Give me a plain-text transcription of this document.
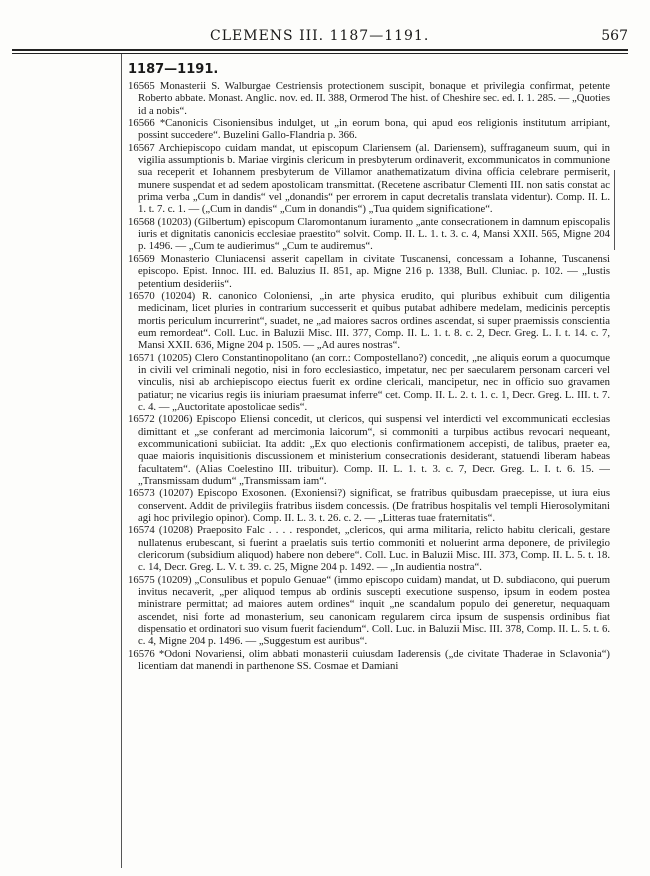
CLEMENS III. 1187—1191.	567
1187—1191.

16565 Monasterii S. Walburgae Cestriensis protectionem suscipit, bonaque et privilegia confirmat, petente Roberto abbate. Monast. Anglic. nov. ed. II. 388, Ormerod The hist. of Cheshire sec. ed. I. 1. 285. — „Quoties id a nobis“.

16566 *Canonicis Cisoniensibus indulget, ut „in eorum bona, qui apud eos religionis institutum arripiant, possint succedere“. Buzelini Gallo-Flandria p. 366.

16567 Archiepiscopo cuidam mandat, ut episcopum Clariensem (al. Dariensem), suffraganeum suum, qui in vigilia assumptionis b. Mariae virginis clericum in presbyterum ordinaverit, excommunicatos in communione sua receperit et Iohannem presbyterum de Villamor anathematizatum divina officia celebrare permiserit, munere suspendat et ad sedem apostolicam transmittat. (Recetene ascribatur Clementi III. non satis constat ac prima verba „Cum in dandis“ vel „donandis“ per errorem in caput decretalis translata videntur). Comp. II. L. 1. t. 7. c. 1. — („Cum in dandis“ „Cum in donandis“) „Tua quidem significatione“.

16568 (10203) (Gilbertum) episcopum Claromontanum iuramento „ante consecrationem in damnum episcopalis iuris et dignitatis canonicis ecclesiae praestito“ solvit. Comp. II. L. 1. t. 3. c. 4, Mansi XXII. 565, Migne 204 p. 1496. — „Cum te audierimus“ „Cum te audiremus“.

16569 Monasterio Cluniacensi asserit capellam in civitate Tuscanensi, concessam a Iohanne, Tuscanensi episcopo. Epist. Innoc. III. ed. Baluzius II. 851, ap. Migne 216 p. 1338, Bull. Cluniac. p. 102. — „Iustis petentium desideriis“.

16570 (10204) R. canonico Coloniensi, „in arte physica erudito, qui pluribus exhibuit cum diligentia medicinam, licet pluries in contrarium successerit et quibus putabat adhibere medelam, medicinis perceptis mortis periculum incurrerint“, suadet, ne „ad maiores sacros ordines ascendat, si super praemissis conscientia eum remordeat“. Coll. Luc. in Baluzii Misc. III. 377, Comp. II. L. 1. t. 8. c. 2, Decr. Greg. L. I. t. 14. c. 7, Mansi XXII. 636, Migne 204 p. 1505. — „Ad aures nostras“.

16571 (10205) Clero Constantinopolitano (an corr.: Compostellano?) concedit, „ne aliquis eorum a quocumque in civili vel criminali negotio, nisi in foro ecclesiastico, impetatur, nec per saecularem personam carceri vel vinculis, nisi ab archiepiscopo eiectus fuerit ex ordine clericali, mancipetur, nec in officio suo gravamen patiatur; ne vicarius regis iis iniuriam praesumat inferre“ cet. Comp. II. L. 2. t. 1. c. 1, Decr. Greg. L. III. t. 7. c. 4. — „Auctoritate apostolicae sedis“.

16572 (10206) Episcopo Eliensi concedit, ut clericos, qui suspensi vel interdicti vel excommunicati ecclesias dimittant et „se conferant ad mercimonia laicorum“, si commoniti a turpibus actibus revocari nequeant, excommunicationi subiiciat. Ita addit: „Ex quo electionis confirmationem accepisti, de talibus, praeter ea, quae maioris inquisitionis discussionem et ministerium consecrationis desiderant, statuendi liberam habeas facultatem“. (Alias Coelestino III. tribuitur). Comp. II. L. 1. t. 3. c. 7, Decr. Greg. L. I. t. 6. 15. — „Transmissam dudum“ „Transmissam iam“.

16573 (10207) Episcopo Exosonen. (Exoniensi?) significat, se fratribus quibusdam praecepisse, ut iura eius conservent. Addit de privilegiis fratribus iisdem concessis. (De fratribus hospitalis vel templi Hierosolymitani agi hoc privilegio opinor). Comp. II. L. 3. t. 26. c. 2. — „Litteras tuae fraternitatis“.

16574 (10208) Praeposito Falc . . . . respondet, „clericos, qui arma militaria, relicto habitu clericali, gestare nullatenus erubescant, si fuerint a praelatis suis tertio commoniti et noluerint arma deponere, de privilegio clericorum (subsidium aliquod) habere non debere“. Coll. Luc. in Baluzii Misc. III. 373, Comp. II. L. 5. t. 18. c. 14, Decr. Greg. L. V. t. 39. c. 25, Migne 204 p. 1492. — „In audientia nostra“.

16575 (10209) „Consulibus et populo Genuae“ (immo episcopo cuidam) mandat, ut D. subdiacono, qui puerum invitus necaverit, „per aliquod tempus ab ordinis suscepti executione suspenso, ipsum in eodem postea ministrare permittat; ad maiores autem ordines“ inquit „ne scandalum populo dei generetur, nequaquam ascendet, nisi forte ad monasterium, seu canonicam regularem circa ipsum de suspensis ordinibus fiat dispensatio et ordinatori suo visum fuerit faciendum“. Coll. Luc. in Baluzii Misc. III. 378, Comp. II. L. 5. t. 6. c. 4, Migne 204 p. 1496. — „Suggestum est auribus“.

16576 *Odoni Novariensi, olim abbati monasterii cuiusdam Iaderensis („de civitate Thaderae in Sclavonia“) licentiam dat manendi in parthenone SS. Cosmae et Damiani
